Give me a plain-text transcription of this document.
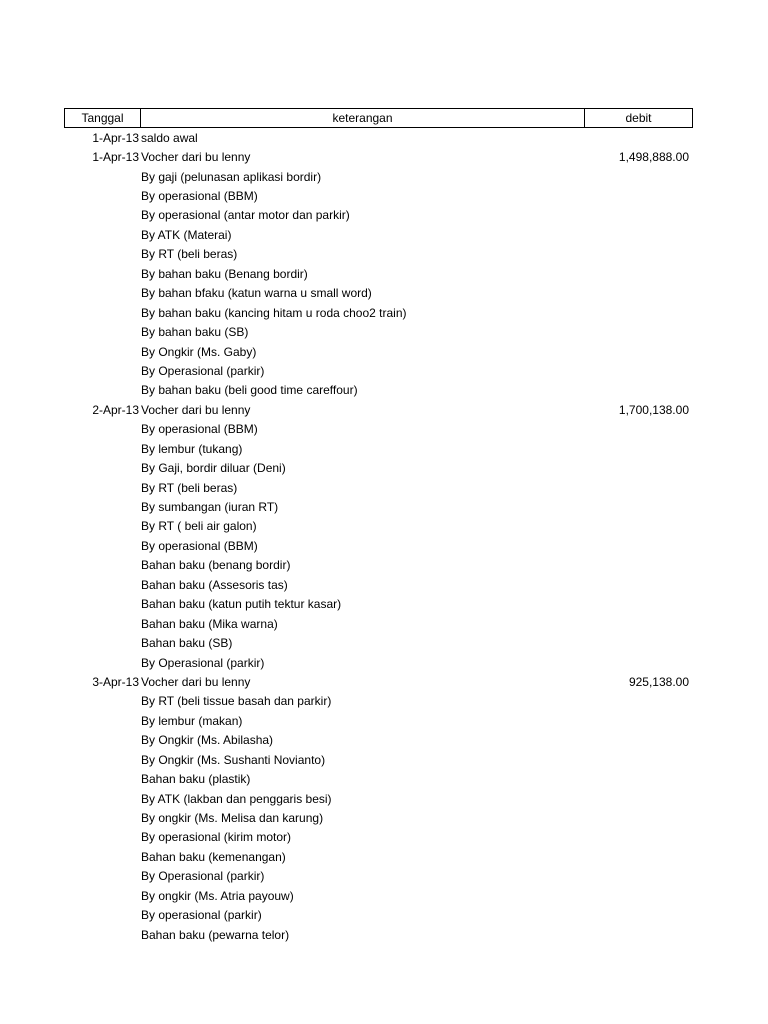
Tanggal	keterangan	debit
1-Apr-13 saldo awal
1-Apr-13 Vocher dari bu lenny	1,498,888.00
By gaji (pelunasan aplikasi bordir)
By operasional (BBM)
By operasional (antar motor dan parkir)
By ATK (Materai)
By RT (beli beras)
By bahan baku (Benang bordir)
By bahan bfaku (katun warna u small word)
By bahan baku (kancing hitam u roda choo2 train)
By bahan baku (SB)
By Ongkir (Ms. Gaby)
By Operasional (parkir)
By bahan baku (beli good time careffour)
2-Apr-13 Vocher dari bu lenny	1,700,138.00
By operasional (BBM)
By lembur (tukang)
By Gaji, bordir diluar (Deni)
By RT (beli beras)
By sumbangan (iuran RT)
By RT ( beli air galon)
By operasional (BBM)
Bahan baku (benang bordir)
Bahan baku (Assesoris tas)
Bahan baku (katun putih tektur kasar)
Bahan baku (Mika warna)
Bahan baku (SB)
By Operasional (parkir)
3-Apr-13 Vocher dari bu lenny	925,138.00
By RT (beli tissue basah dan parkir)
By lembur (makan)
By Ongkir (Ms. Abilasha)
By Ongkir (Ms. Sushanti Novianto)
Bahan baku (plastik)
By ATK (lakban dan penggaris besi)
By ongkir (Ms. Melisa dan karung)
By operasional (kirim motor)
Bahan baku (kemenangan)
By Operasional (parkir)
By ongkir (Ms. Atria payouw)
By operasional (parkir)
Bahan baku (pewarna telor)
